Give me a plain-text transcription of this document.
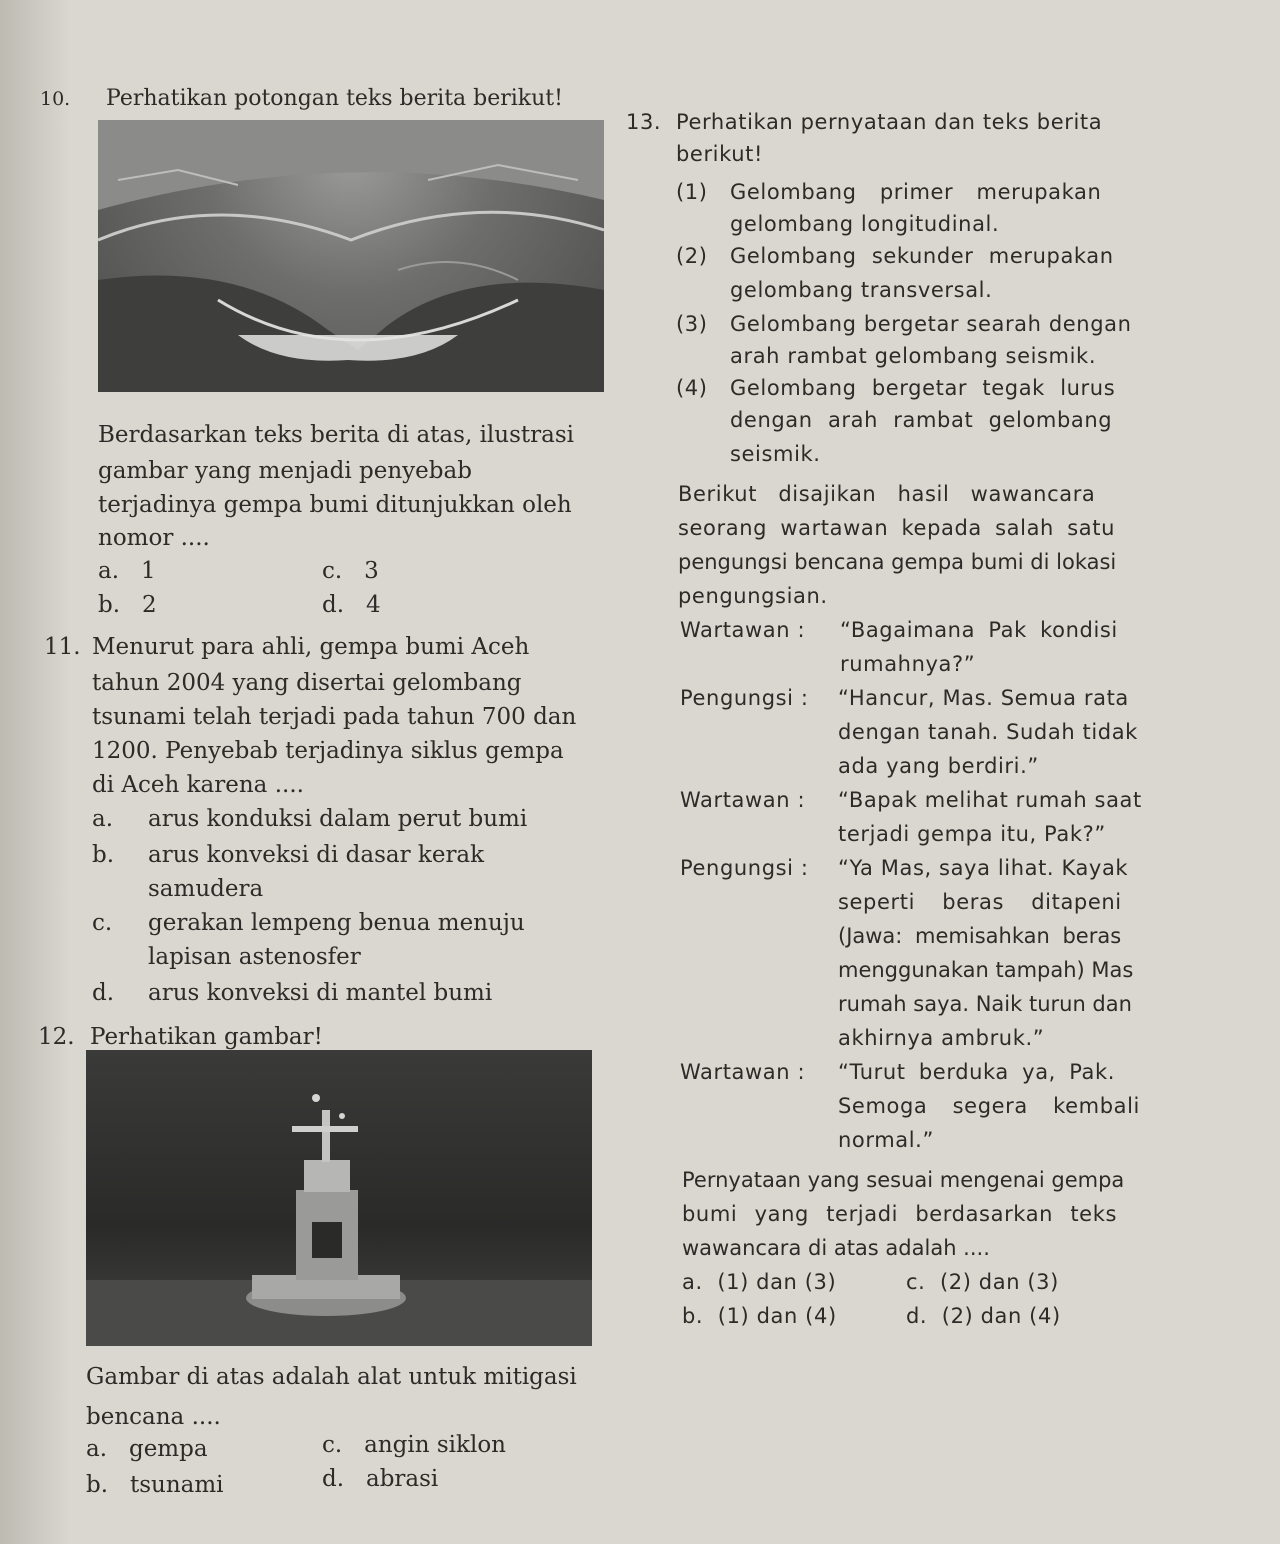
10. Perhatikan potongan teks berita berikut!
Berdasarkan teks berita di atas, ilustrasi
gambar yang menjadi penyebab
terjadinya gempa bumi ditunjukkan oleh
nomor ....
a. 1
b. 2
c. 3
d. 4
11. Menurut para ahli, gempa bumi Aceh
tahun 2004 yang disertai gelombang
tsunami telah terjadi pada tahun 700 dan
1200. Penyebab terjadinya siklus gempa
di Aceh karena ....
a. arus konduksi dalam perut bumi
b. arus konveksi di dasar kerak
samudera
c. gerakan lempeng benua menuju
lapisan astenosfer
d. arus konveksi di mantel bumi
12. Perhatikan gambar!
Gambar di atas adalah alat untuk mitigasi
bencana ....
a. gempa
b. tsunami
c. angin siklon
d. abrasi
13. Perhatikan pernyataan dan teks berita
berikut!
(1) Gelombang primer merupakan
gelombang longitudinal.
(2) Gelombang sekunder merupakan
gelombang transversal.
(3) Gelombang bergetar searah dengan
arah rambat gelombang seismik.
(4) Gelombang bergetar tegak lurus
dengan arah rambat gelombang
seismik.
Berikut disajikan hasil wawancara
seorang wartawan kepada salah satu
pengungsi bencana gempa bumi di lokasi
pengungsian.
Wartawan : “Bagaimana Pak kondisi
rumahnya?”
Pengungsi : “Hancur, Mas. Semua rata
dengan tanah. Sudah tidak
ada yang berdiri.”
Wartawan : “Bapak melihat rumah saat
terjadi gempa itu, Pak?”
Pengungsi : “Ya Mas, saya lihat. Kayak
seperti beras ditapeni
(Jawa: memisahkan beras
menggunakan tampah) Mas
rumah saya. Naik turun dan
akhirnya ambruk.”
Wartawan : “Turut berduka ya, Pak.
Semoga segera kembali
normal.”
Pernyataan yang sesuai mengenai gempa
bumi yang terjadi berdasarkan teks
wawancara di atas adalah ....
a. (1) dan (3)
b. (1) dan (4)
c. (2) dan (3)
d. (2) dan (4)
